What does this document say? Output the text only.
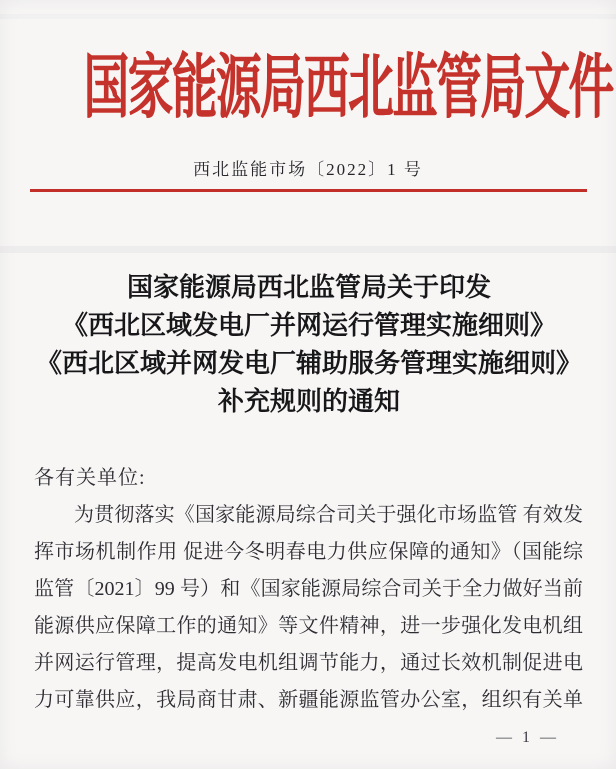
国家能源局西北监管局文件
西北监能市场〔2022〕1 号
国家能源局西北监管局关于印发
《西北区域发电厂并网运行管理实施细则》
《西北区域并网发电厂辅助服务管理实施细则》
补充规则的通知
各有关单位:
为贯彻落实《国家能源局综合司关于强化市场监管 有效发
挥市场机制作用 促进今冬明春电力供应保障的通知》（国能综
监管〔2021〕99 号）和《国家能源局综合司关于全力做好当前
能源供应保障工作的通知》等文件精神，进一步强化发电机组
并网运行管理，提高发电机组调节能力，通过长效机制促进电
力可靠供应，我局商甘肃、新疆能源监管办公室，组织有关单
— 1 —
